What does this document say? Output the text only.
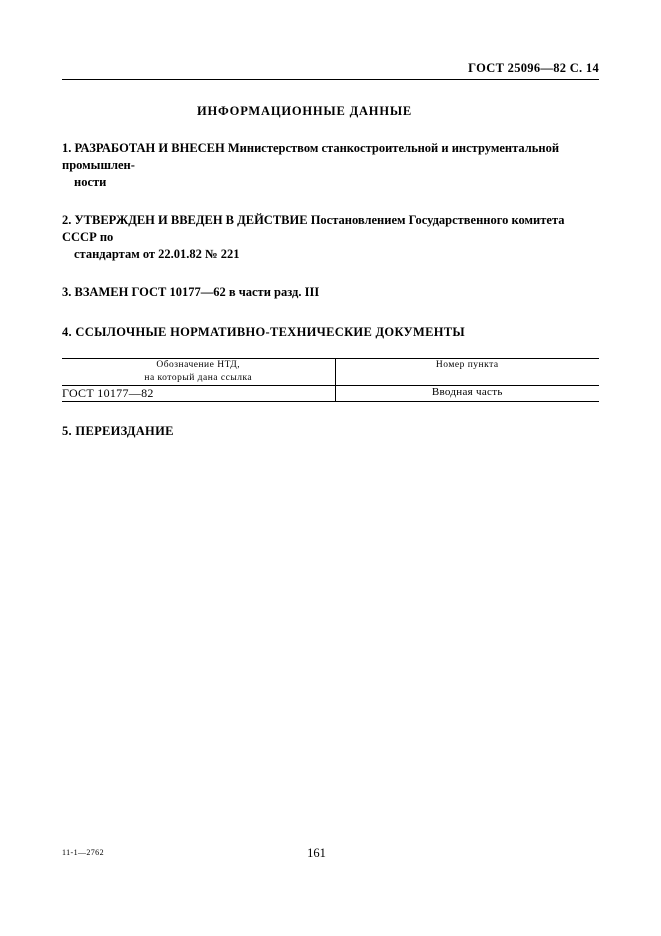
ГОСТ 25096—82 С. 14
ИНФОРМАЦИОННЫЕ ДАННЫЕ
1. РАЗРАБОТАН И ВНЕСЕН Министерством станкостроительной и инструментальной промышлен-
ности
2. УТВЕРЖДЕН И ВВЕДЕН В ДЕЙСТВИЕ Постановлением Государственного комитета СССР по
стандартам от 22.01.82 № 221
3. ВЗАМЕН ГОСТ 10177—62 в части разд. III
4. ССЫЛОЧНЫЕ НОРМАТИВНО-ТЕХНИЧЕСКИЕ ДОКУМЕНТЫ
Обозначение НТД,
на который дана ссылка	Номер пункта
ГОСТ 10177—82	Вводная часть

5. ПЕРЕИЗДАНИЕ
11-1—2762	161
